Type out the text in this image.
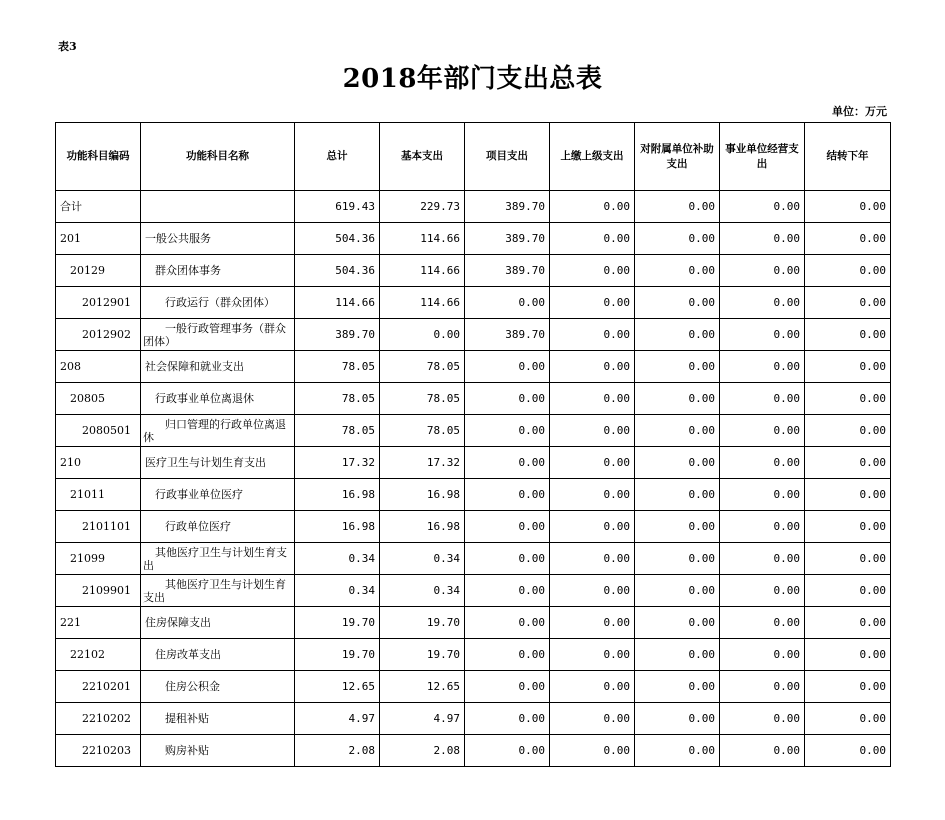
表3
2018年部门支出总表
单位：万元
功能科目编码	功能科目名称	总计	基本支出	项目支出	上缴上级支出	对附属单位补助支出	事业单位经营支出	结转下年
合计		619.43	229.73	389.70	0.00	0.00	0.00	0.00
201	一般公共服务	504.36	114.66	389.70	0.00	0.00	0.00	0.00
20129	群众团体事务	504.36	114.66	389.70	0.00	0.00	0.00	0.00
2012901	行政运行（群众团体）	114.66	114.66	0.00	0.00	0.00	0.00	0.00
2012902	一般行政管理事务（群众团体）	389.70	0.00	389.70	0.00	0.00	0.00	0.00
208	社会保障和就业支出	78.05	78.05	0.00	0.00	0.00	0.00	0.00
20805	行政事业单位离退休	78.05	78.05	0.00	0.00	0.00	0.00	0.00
2080501	归口管理的行政单位离退休	78.05	78.05	0.00	0.00	0.00	0.00	0.00
210	医疗卫生与计划生育支出	17.32	17.32	0.00	0.00	0.00	0.00	0.00
21011	行政事业单位医疗	16.98	16.98	0.00	0.00	0.00	0.00	0.00
2101101	行政单位医疗	16.98	16.98	0.00	0.00	0.00	0.00	0.00
21099	其他医疗卫生与计划生育支出	0.34	0.34	0.00	0.00	0.00	0.00	0.00
2109901	其他医疗卫生与计划生育支出	0.34	0.34	0.00	0.00	0.00	0.00	0.00
221	住房保障支出	19.70	19.70	0.00	0.00	0.00	0.00	0.00
22102	住房改革支出	19.70	19.70	0.00	0.00	0.00	0.00	0.00
2210201	住房公积金	12.65	12.65	0.00	0.00	0.00	0.00	0.00
2210202	提租补贴	4.97	4.97	0.00	0.00	0.00	0.00	0.00
2210203	购房补贴	2.08	2.08	0.00	0.00	0.00	0.00	0.00
